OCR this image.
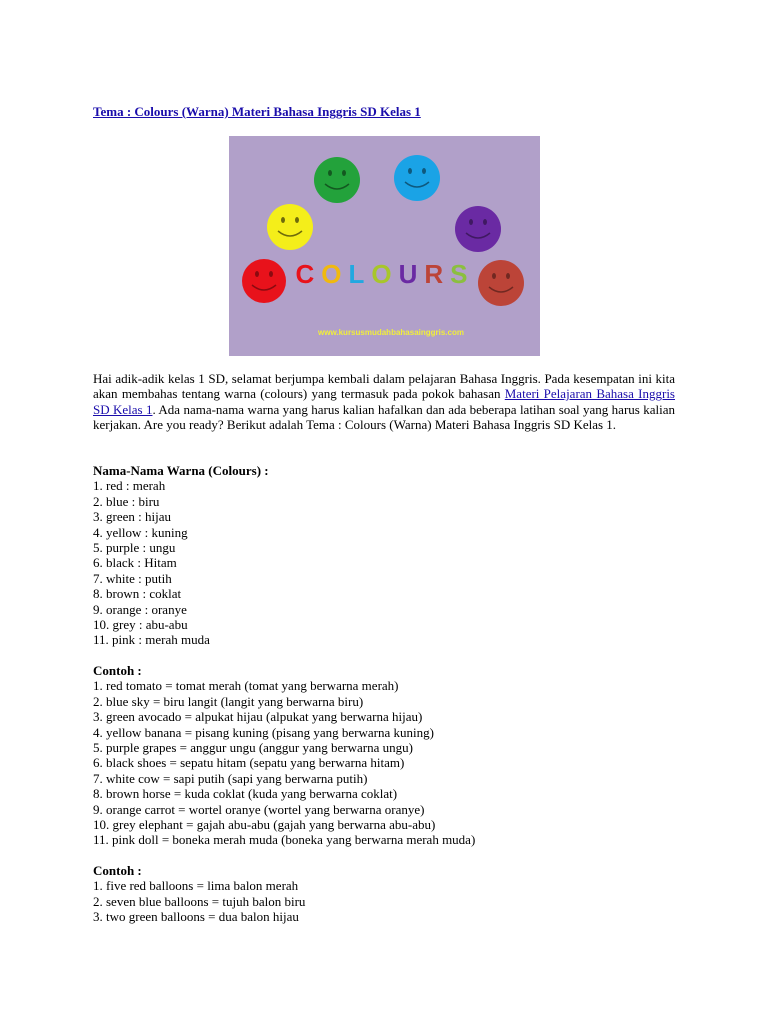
Tema : Colours (Warna) Materi Bahasa Inggris SD Kelas 1
COLOURS
www.kursusmudahbahasainggris.com

Hai adik-adik kelas 1 SD, selamat berjumpa kembali dalam pelajaran Bahasa Inggris. Pada kesempatan ini kita akan membahas tentang warna (colours) yang termasuk pada pokok bahasan Materi Pelajaran Bahasa Inggris SD Kelas 1. Ada nama-nama warna yang harus kalian hafalkan dan ada beberapa latihan soal yang harus kalian kerjakan. Are you ready? Berikut adalah Tema : Colours (Warna) Materi Bahasa Inggris SD Kelas 1.

Nama-Nama Warna (Colours) :
1. red : merah
2. blue : biru
3. green : hijau
4. yellow : kuning
5. purple : ungu
6. black : Hitam
7. white : putih
8. brown : coklat
9. orange : oranye
10. grey : abu-abu
11. pink : merah muda
Contoh :
1. red tomato = tomat merah (tomat yang berwarna merah)
2. blue sky = biru langit (langit yang berwarna biru)
3. green avocado = alpukat hijau (alpukat yang berwarna hijau)
4. yellow banana = pisang kuning (pisang yang berwarna kuning)
5. purple grapes = anggur ungu (anggur yang berwarna ungu)
6. black shoes = sepatu hitam (sepatu yang berwarna hitam)
7. white cow = sapi putih (sapi yang berwarna putih)
8. brown horse = kuda coklat (kuda yang berwarna coklat)
9. orange carrot = wortel oranye (wortel yang berwarna oranye)
10. grey elephant = gajah abu-abu (gajah yang berwarna abu-abu)
11. pink doll = boneka merah muda (boneka yang berwarna merah muda)
Contoh :
1. five red balloons = lima balon merah
2. seven blue balloons = tujuh balon biru
3. two green balloons = dua balon hijau
